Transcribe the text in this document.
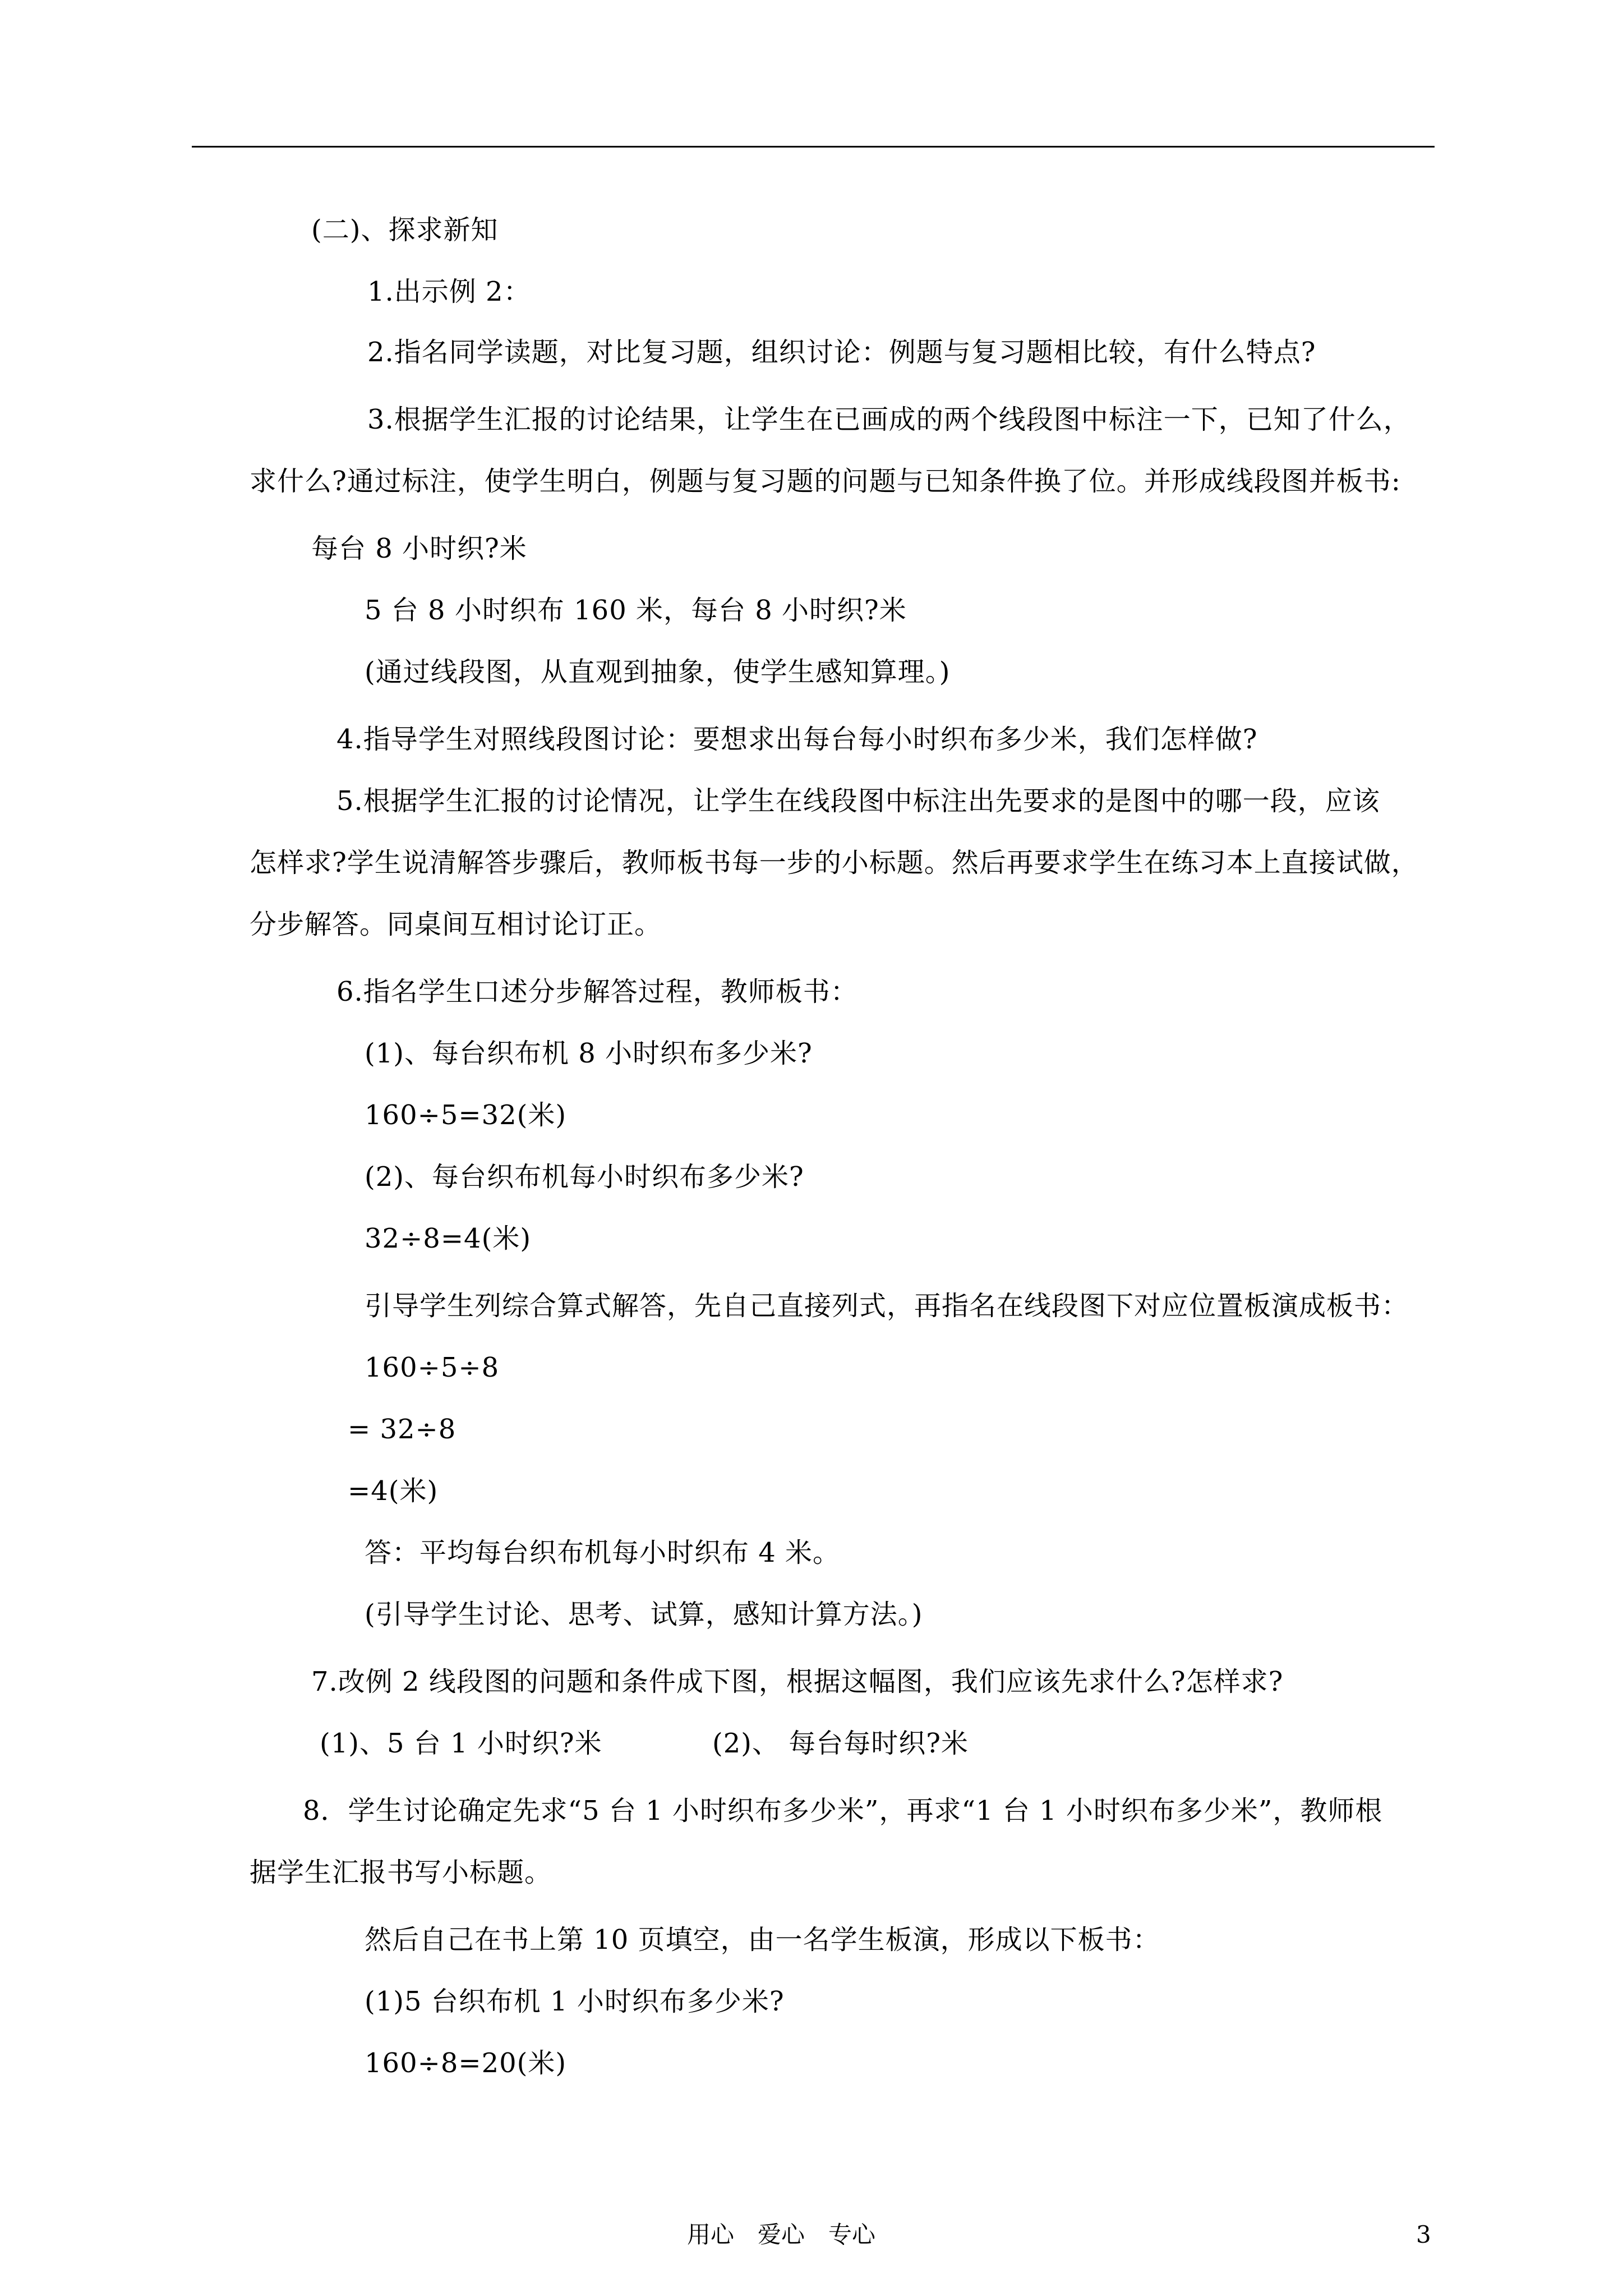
(二)、探求新知
1.出示例 2：
2.指名同学读题，对比复习题，组织讨论：例题与复习题相比较，有什么特点?
3.根据学生汇报的讨论结果，让学生在已画成的两个线段图中标注一下，已知了什么，
求什么?通过标注，使学生明白，例题与复习题的问题与已知条件换了位。并形成线段图并板书:
每台 8 小时织?米
5 台 8 小时织布 160 米，每台 8 小时织?米
(通过线段图，从直观到抽象，使学生感知算理。)
4.指导学生对照线段图讨论：要想求出每台每小时织布多少米，我们怎样做?
5.根据学生汇报的讨论情况，让学生在线段图中标注出先要求的是图中的哪一段，应该
怎样求?学生说清解答步骤后，教师板书每一步的小标题。然后再要求学生在练习本上直接试做，
分步解答。同桌间互相讨论订正。
6.指名学生口述分步解答过程，教师板书：
(1)、每台织布机 8 小时织布多少米?
160÷5=32(米)
(2)、每台织布机每小时织布多少米?
32÷8=4(米)
引导学生列综合算式解答，先自己直接列式，再指名在线段图下对应位置板演成板书：
160÷5÷8
= 32÷8
=4(米)
答：平均每台织布机每小时织布 4 米。
(引导学生讨论、思考、试算，感知计算方法。)
7.改例 2 线段图的问题和条件成下图，根据这幅图，我们应该先求什么?怎样求?
(1)、5 台 1 小时织?米	(2)、 每台每时织?米
8．学生讨论确定先求“5 台 1 小时织布多少米”，再求“1 台 1 小时织布多少米”，教师根
据学生汇报书写小标题。
然后自己在书上第 10 页填空，由一名学生板演，形成以下板书：
(1)5 台织布机 1 小时织布多少米?
160÷8=20(米)
用心　爱心　专心	3
